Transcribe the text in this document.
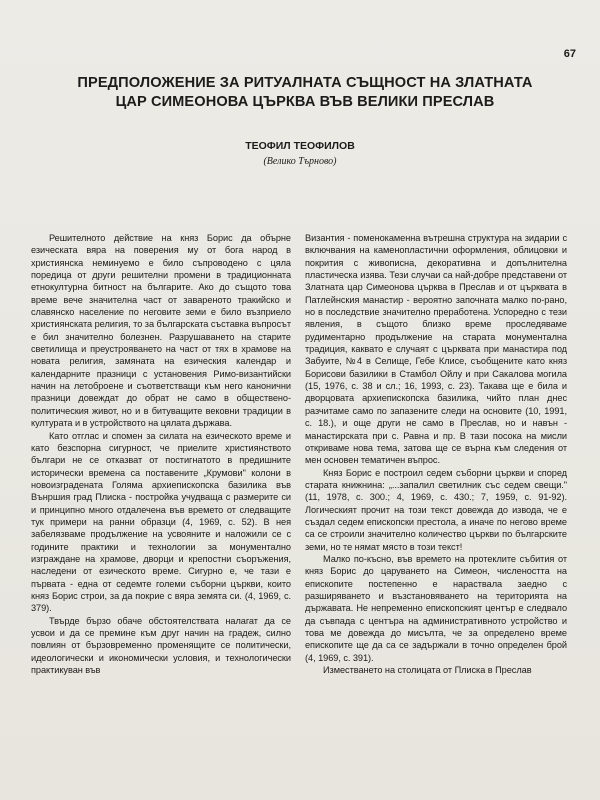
67
ПРЕДПОЛОЖЕНИЕ ЗА РИТУАЛНАТА СЪЩНОСТ НА ЗЛАТНАТА
ЦАР СИМЕОНОВА ЦЪРКВА ВЪВ ВЕЛИКИ ПРЕСЛАВ
ТЕОФИЛ ТЕОФИЛОВ
(Велико Търново)

Решителното действие на княз Борис да обърне езическата вяра на поверения му от бога народ в християнска неминуемо е било съпроводено с цяла поредица от други решителни промени в традиционната етнокултурна битност на българите. Ако до същото това време вече значителна част от завареното тракийско и славянско население по неговите земи е било възприело християнската религия, то за българската съставка въпросът е бил значително болезнен. Разрушаването на старите светилища и преустрояването на част от тях в храмове на новата религия, замяната на езическия календар и календарните празници с установения Римо-византийски начин на летоброене и съответстващи към него канонични празници довеждат до обрат не само в общественo-политическия живот, но и в битуващите вековни традиции в културата и в устройството на цялата държава.

Като отглас и спомен за силата на езическото време и като безспорна сигурност, че приелите християнството българи не се отказват от постигнатото в предишните исторически времена са поставените „Крумови" колони в новоизградената Голяма архиепископска базилика във Вънршия град Плиска - постройка учудваща с размерите си и принципно много отдалечена във времето от следващите тук примери на ранни образци (4, 1969, с. 52). В нея забелязваме продължение на усвояните и наложили се с годините практики и технологии за монументално изграждане на храмове, дворци и крепостни съоръжения, наследени от езическото време. Сигурно е, че тази е първата - една от седемте големи съборни църкви, които княз Борис строи, за да покрие с вяра земята си. (4, 1969, с. 379).

Твърде бързо обаче обстоятелствата налагат да се усвои и да се премине към друг начин на градеж, силно повлиян от бързовременно променящите се политически, идеологически и икономически условия, и технологически практикуван във

Византия - поменокаменна вътрешна структура на зидарии с включвания на каменопластични оформления, облицовки и покрития с живописна, декоративна и допълнителна пластическа изява. Тези случаи са най-добре представени от Златната цар Симеонова църква в Преслав и от църквата в Патлейнския манастир - вероятно започната малко по-рано, но в последствие значително преработена. Успоредно с тези явления, в същото близко време проследяваме рудиментарно продължение на старата монументална традиция, каквато е случаят с църквата при манастира под Забуите, №4 в Селище, Гебе Клисе, съобщените като княз Борисови базилики в Стамбол Ойлу и при Сакалова могила (15, 1976, с. 38 и сл.; 16, 1993, с. 23). Такава ще е била и дворцовата архиепископска базилика, чийто план днес разчитаме само по запазените следи на основите (10, 1991, с. 18.), и още други не само в Преслав, но и навън - манастирската при с. Равна и пр. В тази посока на мисли откриваме нова тема, затова ще се върна към следения от мен основен тематичен въпрос.

Княз Борис е построил седем съборни църкви и според старата книжнина: „...запалил светилник със седем свещи."(11, 1978, с. 300.; 4, 1969, с. 430.; 7, 1959, с. 91-92). Логическият прочит на този текст довежда до извода, че е създал седем епископски престола, а иначе по негово време са се строили значително количество църкви по българските земи, но те нямат място в този текст!

Малко по-късно, във времето на протеклите събития от княз Борис до царуването на Симеон, числеността на епископите постепенно е нараствала заедно с разширяването и възстановяването на територията на държавата. Не непременно епископският център е следвало да съвпада с центъра на административното устройство и това ме довежда до мисълта, че за определено време епископите ще да са се задържали в точно определен брой (4, 1969, с. 391).

Изместването на столицата от Плиска в Преслав
